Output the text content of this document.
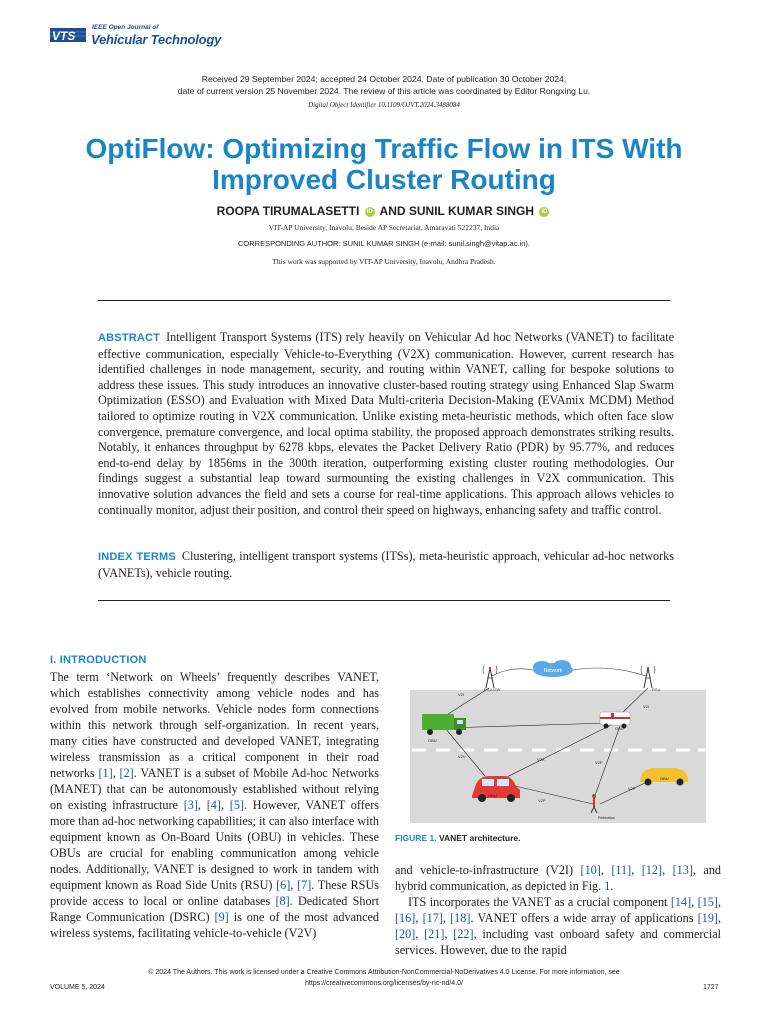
VTS
IEEE Open Journal of
Vehicular Technology
Received 29 September 2024; accepted 24 October 2024. Date of publication 30 October 2024;
date of current version 25 November 2024. The review of this article was coordinated by Editor Rongxing Lu.
Digital Object Identifier 10.1109/OJVT.2024.3488084
OptiFlow: Optimizing Traffic Flow in ITS With
Improved Cluster Routing
ROOPA TIRUMALASETTI iD AND SUNIL KUMAR SINGH iD
VIT-AP University, Inavolu, Beside AP Secretariat, Amaravati 522237, India
CORRESPONDING AUTHOR: SUNIL KUMAR SINGH (e-mail: sunil.singh@vitap.ac.in).
This work was supported by VIT-AP University, Inavolu, Andhra Pradesh.
ABSTRACT Intelligent Transport Systems (ITS) rely heavily on Vehicular Ad hoc Networks (VANET) to facilitate effective communication, especially Vehicle-to-Everything (V2X) communication. However, current research has identified challenges in node management, security, and routing within VANET, calling for bespoke solutions to address these issues. This study introduces an innovative cluster-based routing strategy using Enhanced Slap Swarm Optimization (ESSO) and Evaluation with Mixed Data Multi-criteria Decision-Making (EVAmix MCDM) Method tailored to optimize routing in V2X communication. Unlike existing meta-heuristic methods, which often face slow convergence, premature convergence, and local optima stability, the proposed approach demonstrates striking results. Notably, it enhances throughput by 6278 kbps, elevates the Packet Delivery Ratio (PDR) by 95.77%, and reduces end-to-end delay by 1856ms in the 300th iteration, outperforming existing cluster routing methodologies. Our findings suggest a substantial leap toward surmounting the existing challenges in V2X communication. This innovative solution advances the field and sets a course for real-time applications. This approach allows vehicles to continually monitor, adjust their position, and control their speed on highways, enhancing safety and traffic control.
INDEX TERMS Clustering, intelligent transport systems (ITSs), meta-heuristic approach, vehicular ad-hoc networks (VANETs), vehicle routing.
I. INTRODUCTION
The term ‘Network on Wheels’ frequently describes VANET, which establishes connectivity among vehicle nodes and has evolved from mobile networks. Vehicle nodes form connections within this network through self-organization. In recent years, many cities have constructed and developed VANET, integrating wireless transmission as a critical component in their road networks [1], [2]. VANET is a subset of Mobile Ad-hoc Networks (MANET) that can be autonomously established without relying on existing infrastructure [3], [4], [5]. However, VANET offers more than ad-hoc networking capabilities; it can also interface with equipment known as On-Board Units (OBU) in vehicles. These OBUs are crucial for enabling communication among vehicle nodes. Additionally, VANET is designed to work in tandem with equipment known as Road Side Units (RSU) [6], [7]. These RSUs provide access to local or online databases [8]. Dedicated Short Range Communication (DSRC) [9] is one of the most advanced wireless systems, facilitating vehicle-to-vehicle (V2V)
Network
RSU/GW	RSU
V2I
V2I
V2V
V2X
V2P
V2P
V2P
OBU
OBU
OBU
OBU
Pedestrian
FIGURE 1. VANET architecture.

and vehicle-to-infrastructure (V2I) [10], [11], [12], [13], and hybrid communication, as depicted in Fig. 1.

ITS incorporates the VANET as a crucial component [14], [15], [16], [17], [18]. VANET offers a wide array of applications [19], [20], [21], [22], including vast onboard safety and commercial services. However, due to the rapid

© 2024 The Authors. This work is licensed under a Creative Commons Attribution-NonCommercial-NoDerivatives 4.0 License. For more information, see
https://creativecommons.org/licenses/by-nc-nd/4.0/
VOLUME 5, 2024	1727
